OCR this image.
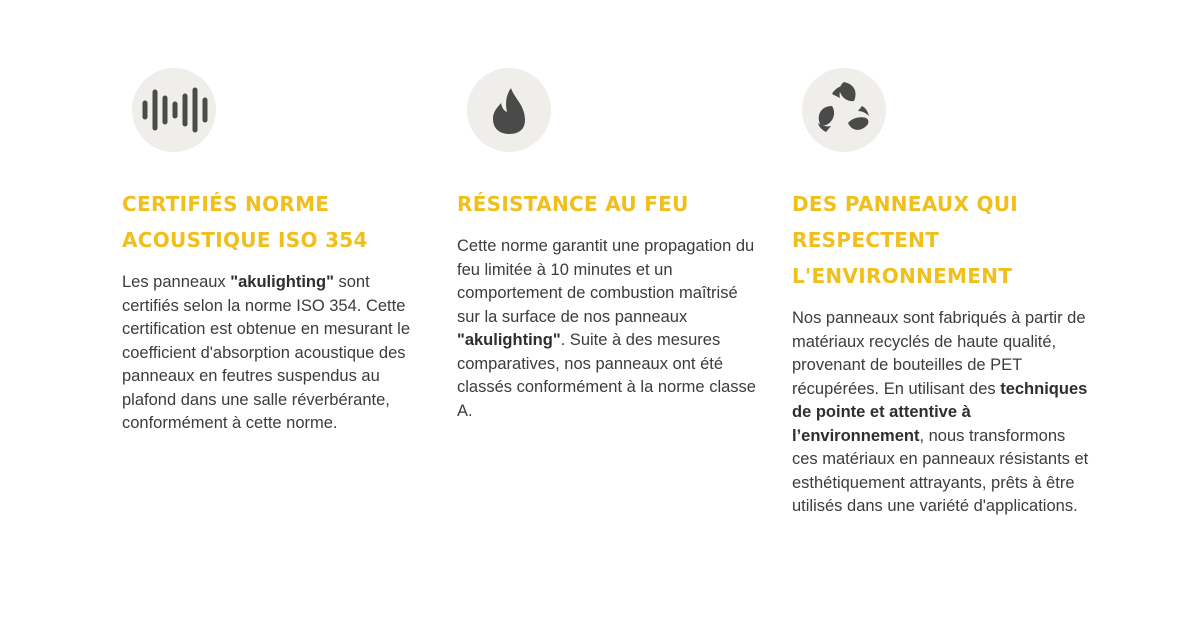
CERTIFIÉS NORME
ACOUSTIQUE ISO 354

Les panneaux "akulighting" sont certifiés selon la norme ISO 354. Cette certification est obtenue en mesurant le coefficient d'absorption acoustique des panneaux en feutres suspendus au plafond dans une salle réverbérante, conformément à cette norme.

RÉSISTANCE AU FEU

Cette norme garantit une propagation du feu limitée à 10 minutes et un comportement de combustion maîtrisé sur la surface de nos panneaux "akulighting". Suite à des mesures comparatives, nos panneaux ont été classés conformément à la norme classe A.

DES PANNEAUX QUI
RESPECTENT
L'ENVIRONNEMENT

Nos panneaux sont fabriqués à partir de matériaux recyclés de haute qualité, provenant de bouteilles de PET récupérées. En utilisant des techniques de pointe et attentive à l’environnement, nous transformons ces matériaux en panneaux résistants et esthétiquement attrayants, prêts à être utilisés dans une variété d'applications.
